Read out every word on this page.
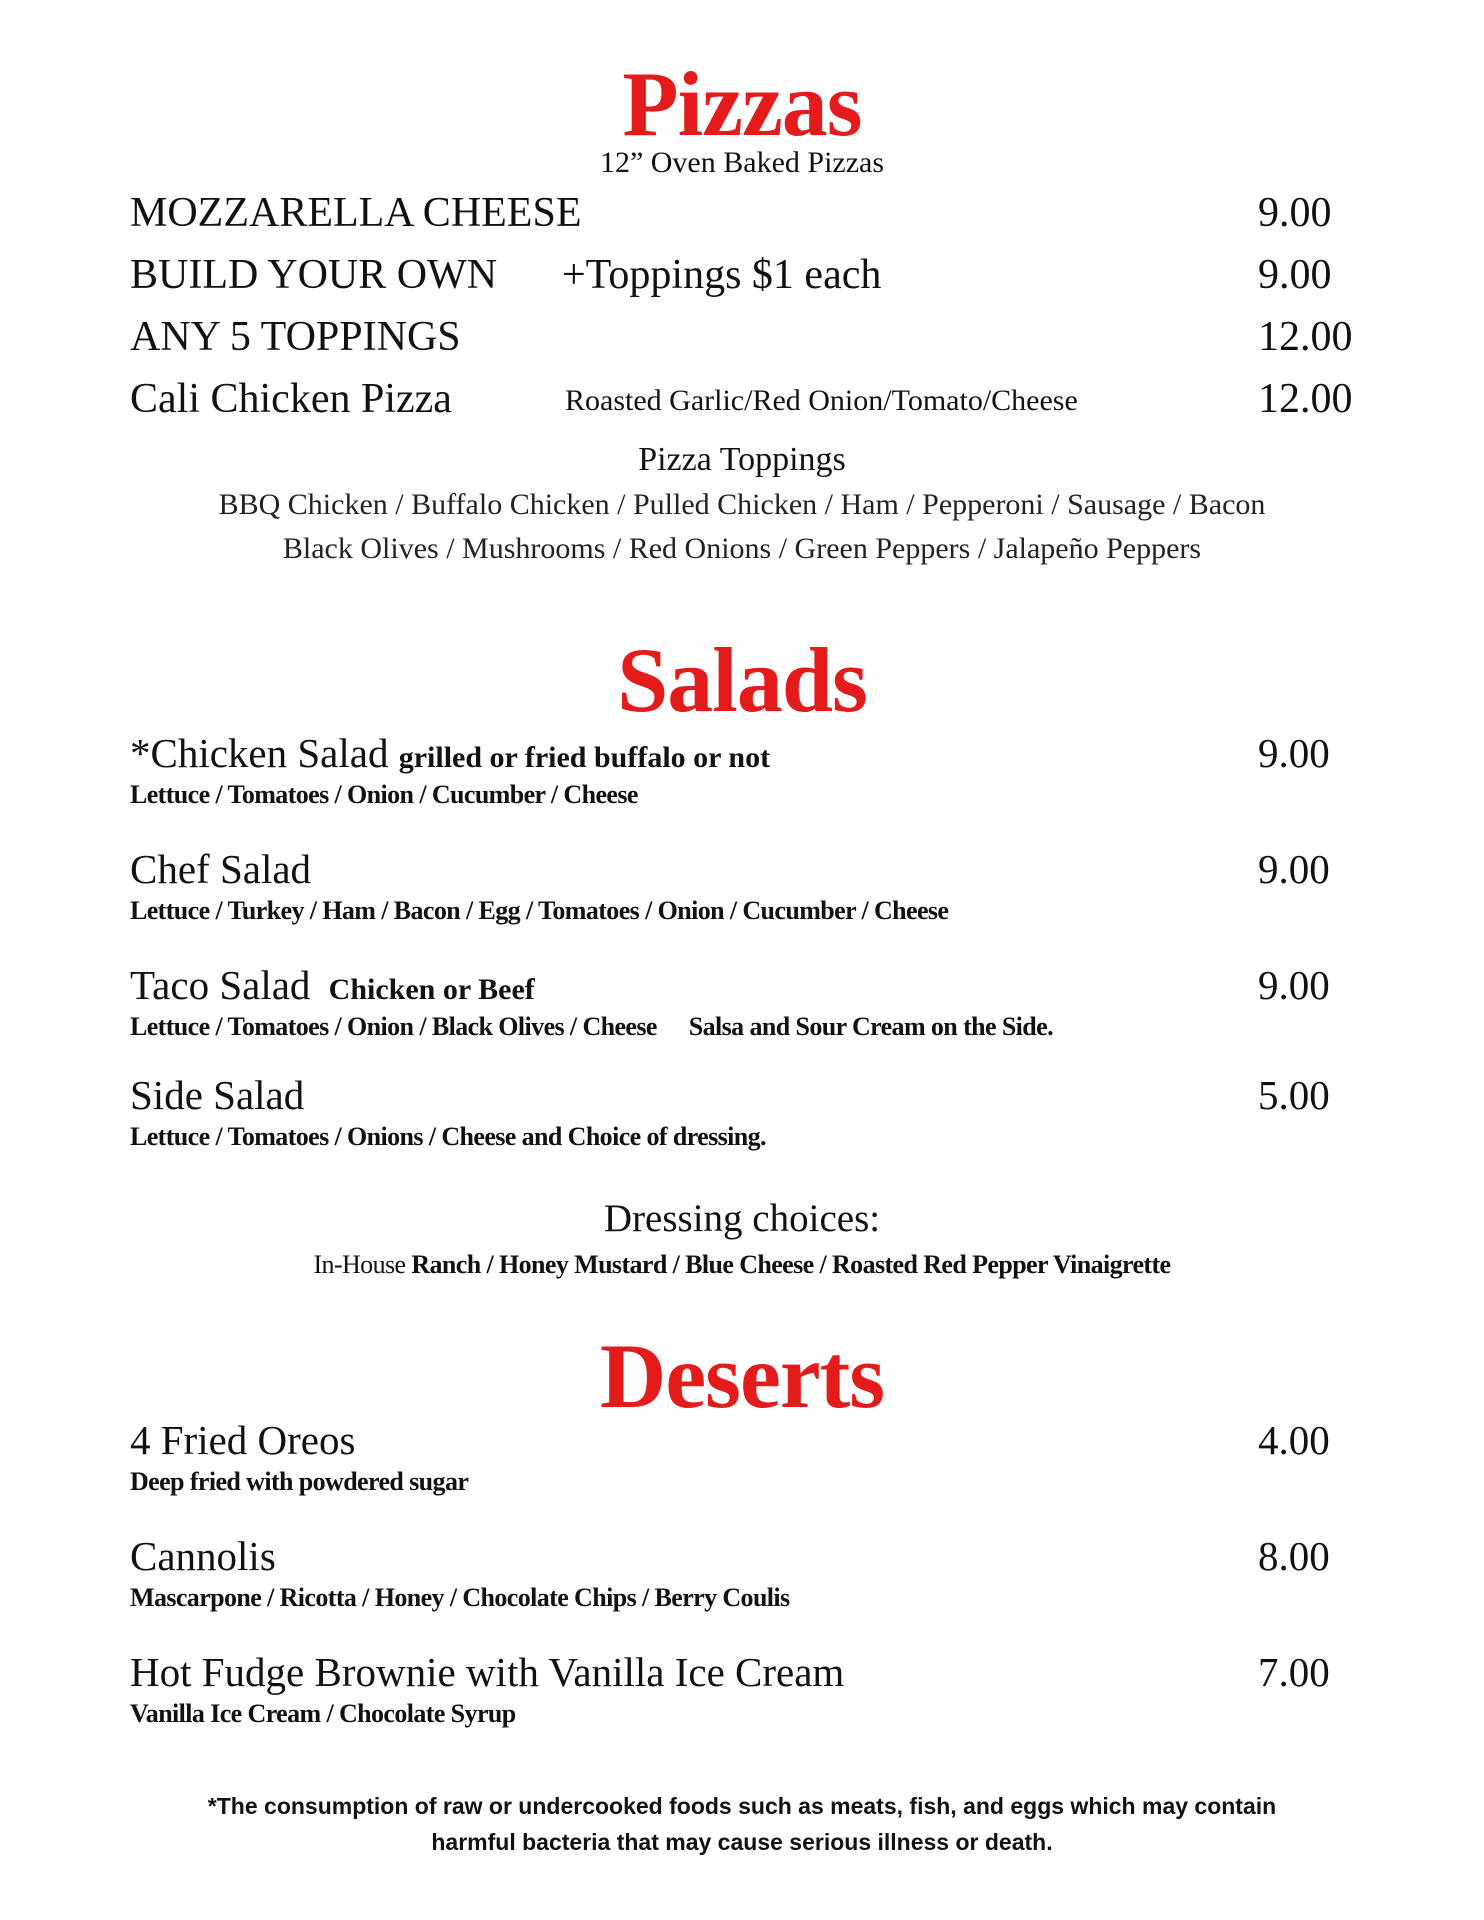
Pizzas
12” Oven Baked Pizzas
MOZZARELLA CHEESE	9.00
BUILD YOUR OWN +Toppings $1 each	9.00
ANY 5 TOPPINGS	12.00
Cali Chicken Pizza	Roasted Garlic/Red Onion/Tomato/Cheese	12.00
Pizza Toppings
BBQ Chicken / Buffalo Chicken / Pulled Chicken / Ham / Pepperoni / Sausage / Bacon
Black Olives / Mushrooms / Red Onions / Green Peppers / Jalapeño Peppers
Salads
*Chicken Salad grilled or fried buffalo or not	9.00
Lettuce / Tomatoes / Onion / Cucumber / Cheese
Chef Salad	9.00
Lettuce / Turkey / Ham / Bacon / Egg / Tomatoes / Onion / Cucumber / Cheese
Taco Salad Chicken or Beef	9.00
Lettuce / Tomatoes / Onion / Black Olives / Cheese Salsa and Sour Cream on the Side.
Side Salad	5.00
Lettuce / Tomatoes / Onions / Cheese and Choice of dressing.
Dressing choices:
In-House Ranch / Honey Mustard / Blue Cheese / Roasted Red Pepper Vinaigrette
Deserts
4 Fried Oreos	4.00
Deep fried with powdered sugar
Cannolis	8.00
Mascarpone / Ricotta / Honey / Chocolate Chips / Berry Coulis
Hot Fudge Brownie with Vanilla Ice Cream	7.00
Vanilla Ice Cream / Chocolate Syrup
*The consumption of raw or undercooked foods such as meats, fish, and eggs which may contain
harmful bacteria that may cause serious illness or death.
